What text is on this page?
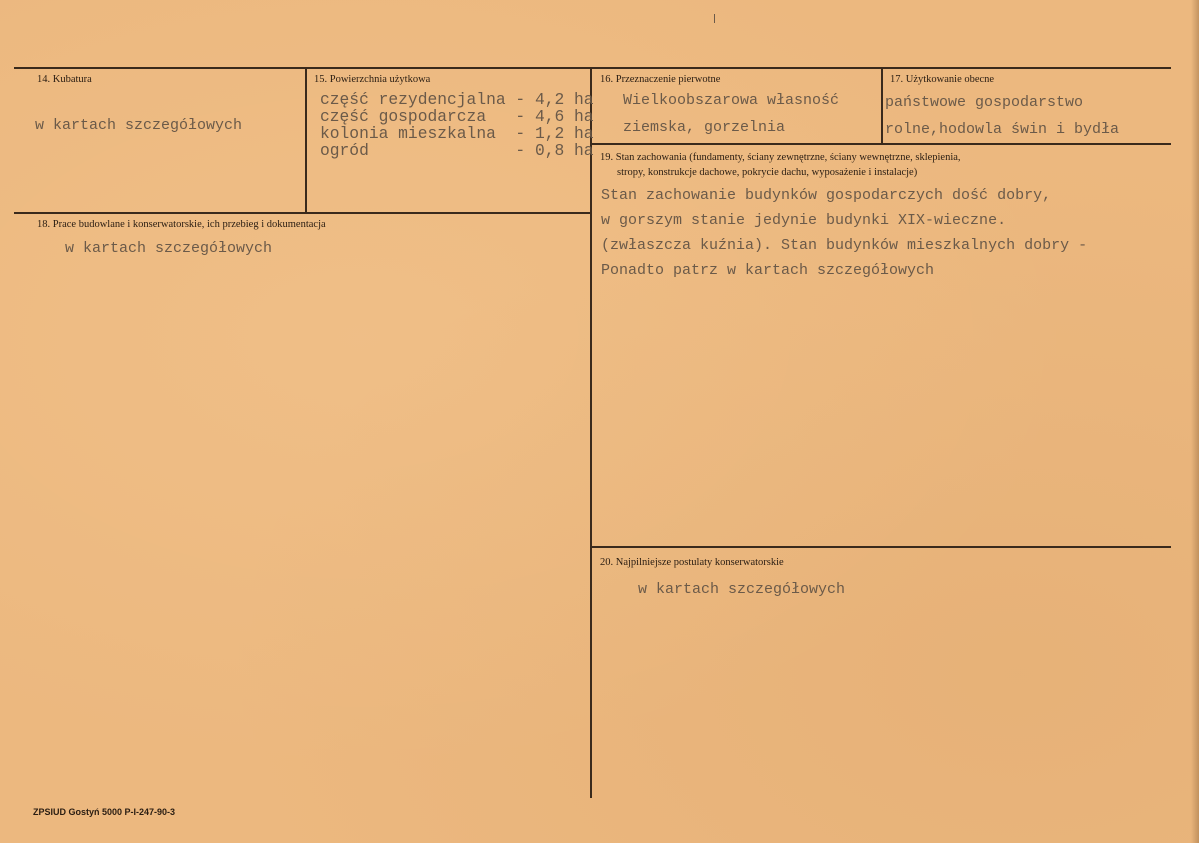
14. Kubatura
w kartach szczegółowych
15. Powierzchnia użytkowa
część rezydencjalna - 4,2 ha
część gospodarcza   - 4,6 ha
kolonia mieszkalna  - 1,2 ha
ogród               - 0,8 ha
16. Przeznaczenie pierwotne
Wielkoobszarowa własność
ziemska, gorzelnia
17. Użytkowanie obecne
państwowe gospodarstwo
rolne,hodowla świn i bydła
18. Prace budowlane i konserwatorskie, ich przebieg i dokumentacja
w kartach szczegółowych
19. Stan zachowania (fundamenty, ściany zewnętrzne, ściany wewnętrzne, sklepienia,
stropy, konstrukcje dachowe, pokrycie dachu, wyposażenie i instalacje)
Stan zachowanie budynków gospodarczych dość dobry,
w gorszym stanie jedynie budynki XIX-wieczne.
(zwłaszcza kuźnia). Stan budynków mieszkalnych dobry -
Ponadto patrz w kartach szczegółowych
20. Najpilniejsze postulaty konserwatorskie
w kartach szczegółowych
ZPSIUD Gostyń 5000 P-I-247-90-3
